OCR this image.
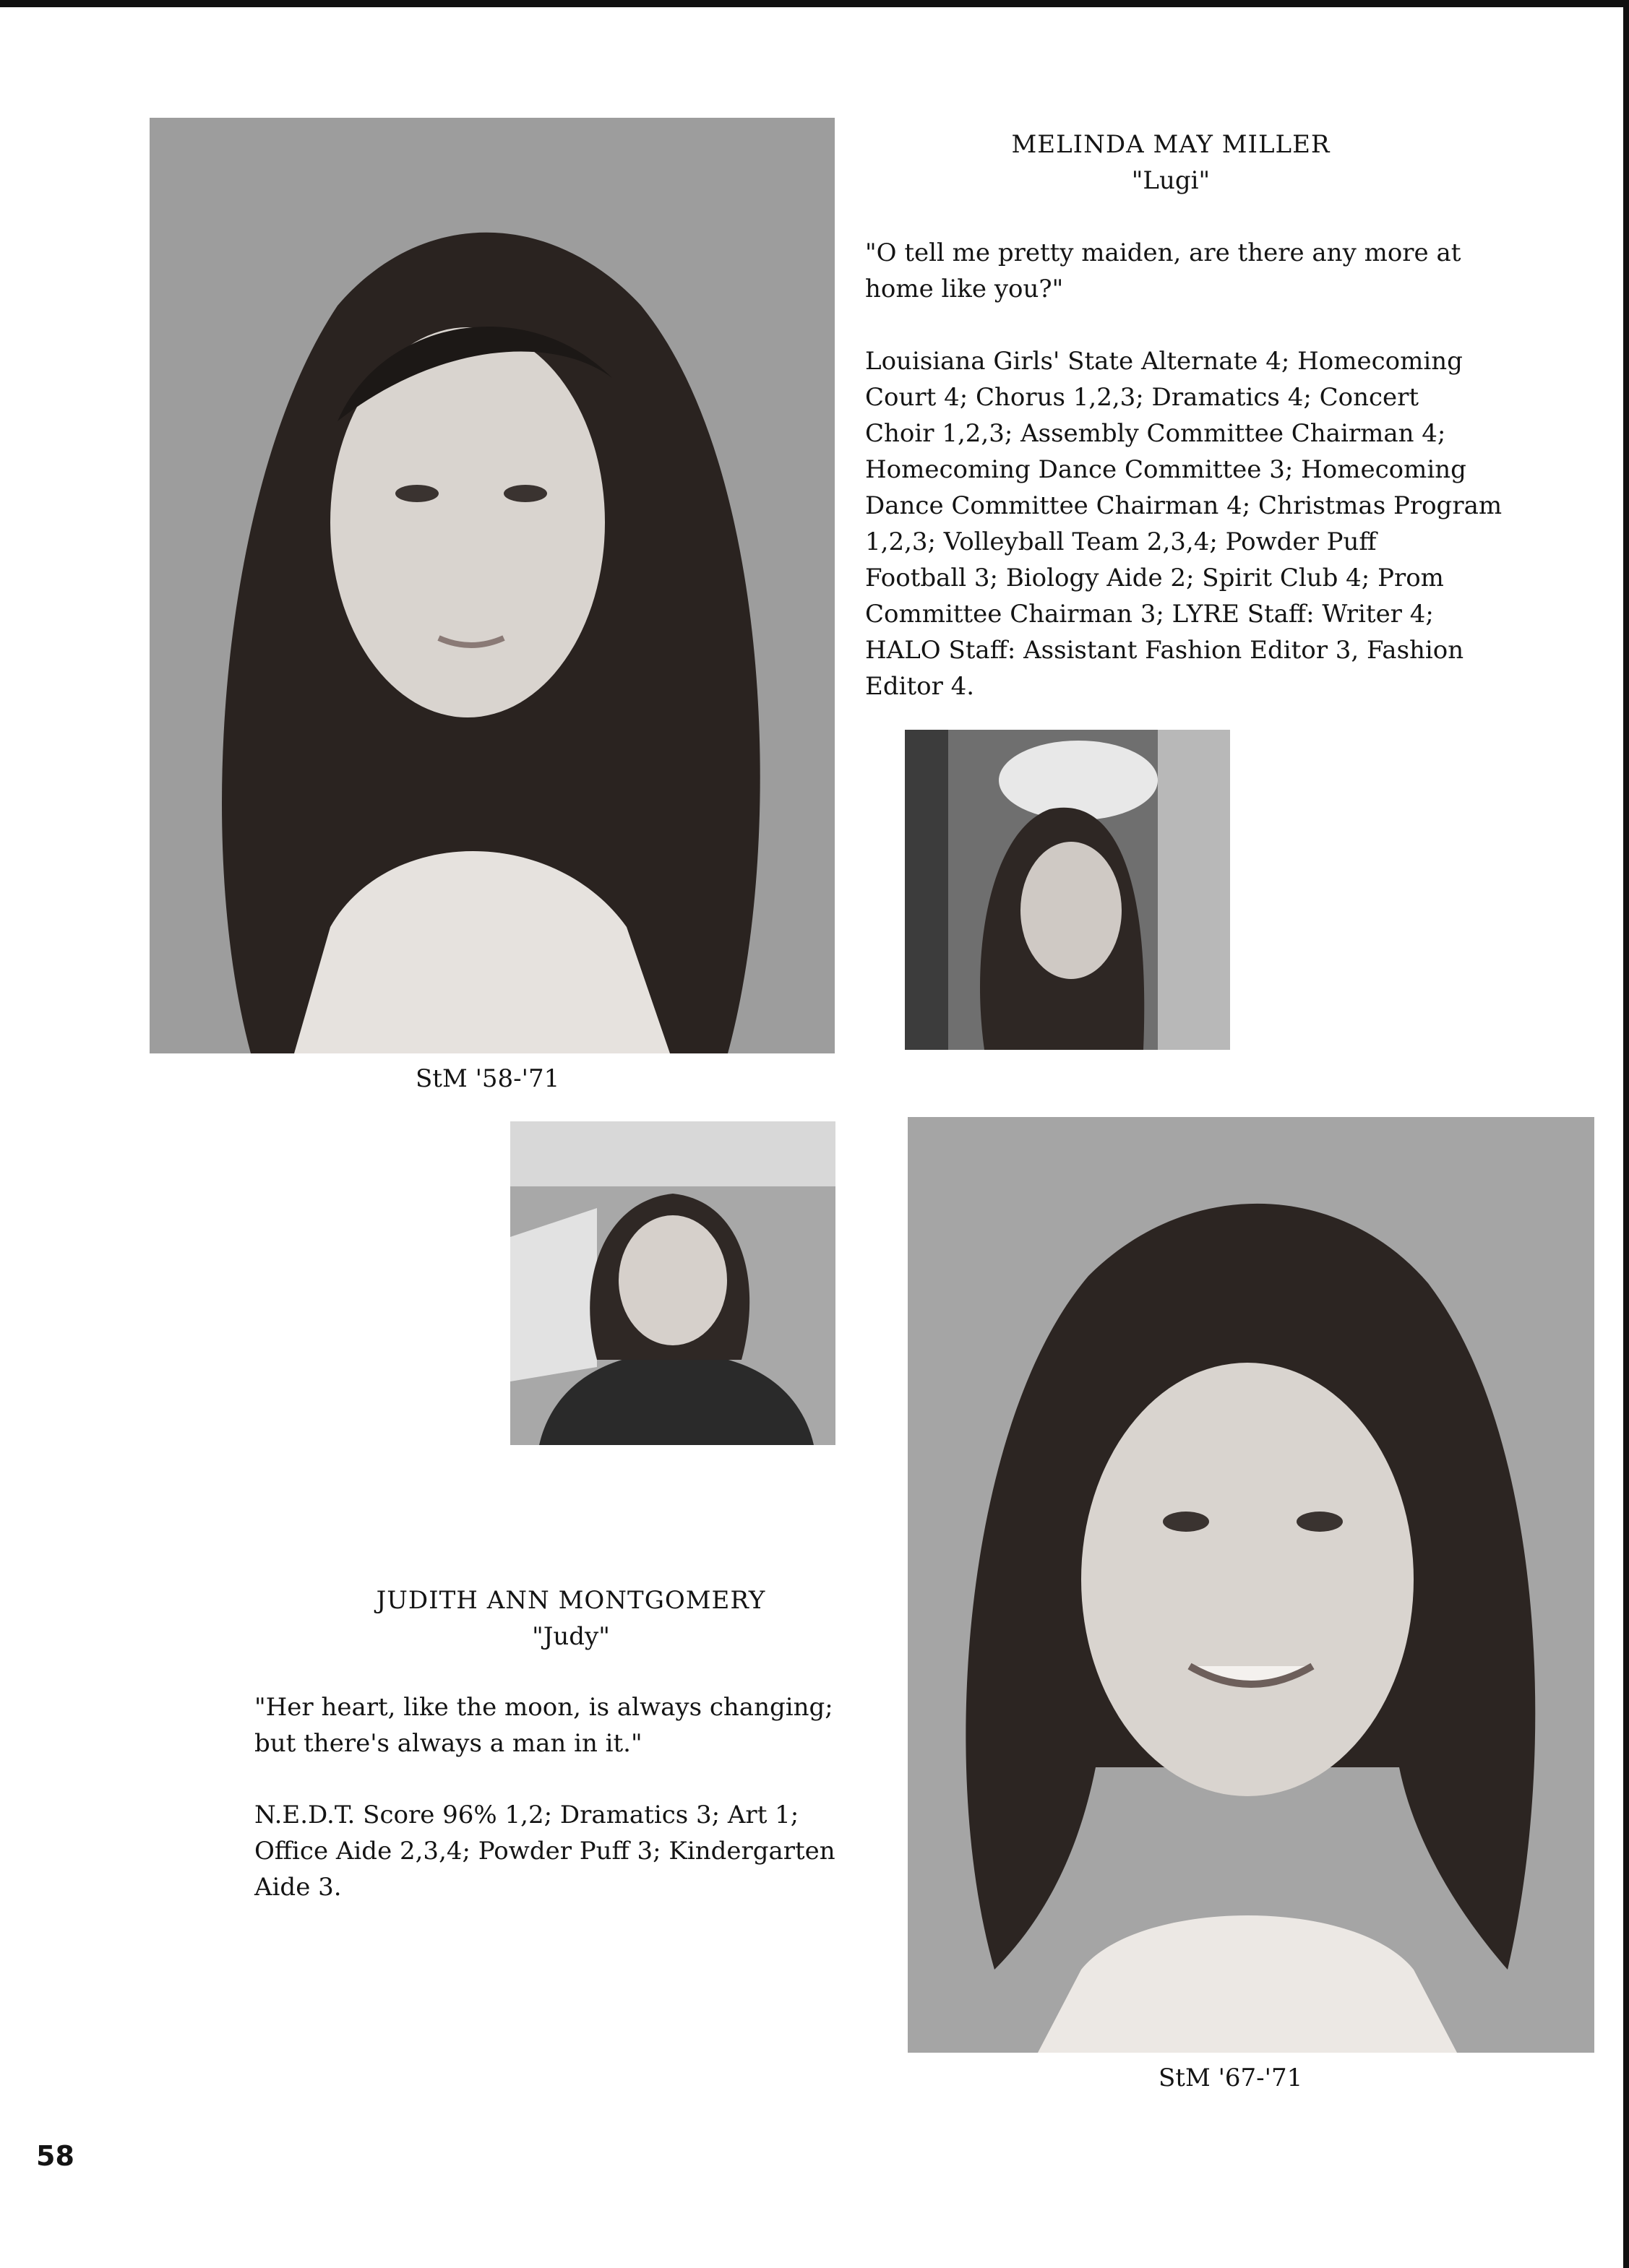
StM '58-'71
MELINDA MAY MILLER
"Lugi"
"O tell me pretty maiden, are there any more at
home like you?"
Louisiana Girls' State Alternate 4; Homecoming
Court 4; Chorus 1,2,3; Dramatics 4; Concert
Choir 1,2,3; Assembly Committee Chairman 4;
Homecoming Dance Committee 3; Homecoming
Dance Committee Chairman 4; Christmas Program
1,2,3; Volleyball Team 2,3,4; Powder Puff
Football 3; Biology Aide 2; Spirit Club 4; Prom
Committee Chairman 3; LYRE Staff: Writer 4;
HALO Staff: Assistant Fashion Editor 3, Fashion
Editor 4.
StM '67-'71
JUDITH ANN MONTGOMERY
"Judy"
"Her heart, like the moon, is always changing;
but there's always a man in it."
N.E.D.T. Score 96% 1,2; Dramatics 3; Art 1;
Office Aide 2,3,4; Powder Puff 3; Kindergarten
Aide 3.
58
